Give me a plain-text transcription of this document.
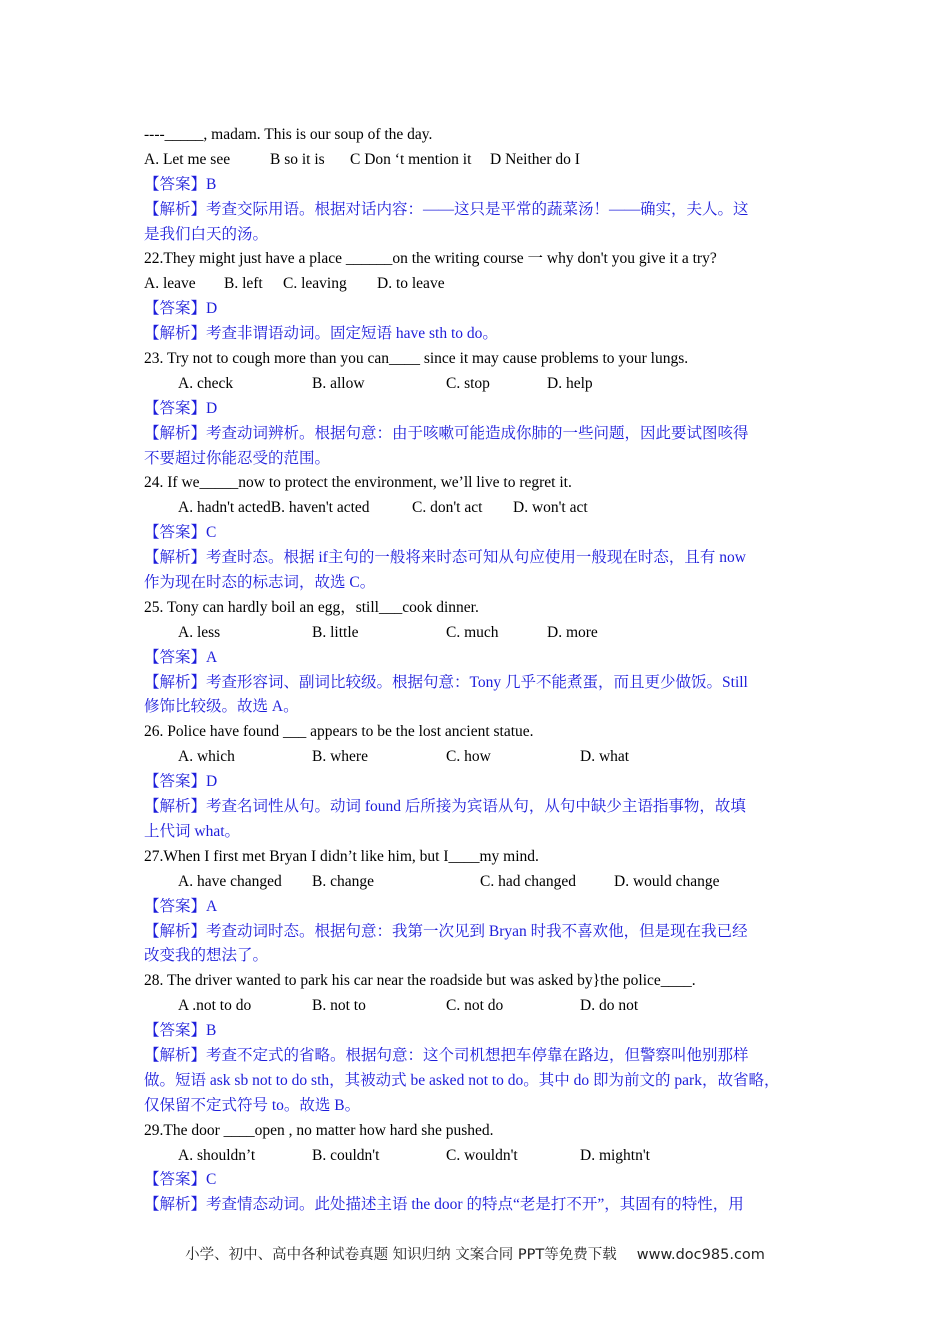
----_____, madam. This is our soup of the day.
A. Let me see	B so it is C Don ‘t mention it D Neither do I
【答案】B
【解析】考查交际用语。根据对话内容：——这只是平常的蔬菜汤！——确实，夫人。这
是我们白天的汤。
22.They might just have a place ______on the writing course 一 why don't you give it a try?
A. leave B. left C. leaving D. to leave
【答案】D
【解析】考查非谓语动词。固定短语 have sth to do。
23. Try not to cough more than you can____ since it may cause problems to your lungs.
A. check	B. allow	C. stop	D. help
【答案】D
【解析】考查动词辨析。根据句意：由于咳嗽可能造成你肺的一些问题，因此要试图咳得
不要超过你能忍受的范围。
24. If we_____now to protect the environment, we’ll live to regret it.
A. hadn't actedB. haven't acted	C. don't act D. won't act
【答案】C
【解析】考查时态。根据 if主句的一般将来时态可知从句应使用一般现在时态，且有 now
作为现在时态的标志词，故选 C。
25. Tony can hardly boil an egg，still___cook dinner.
A. less	B. little	C. much	D. more
【答案】A
【解析】考查形容词、副词比较级。根据句意：Tony 几乎不能煮蛋，而且更少做饭。Still
修饰比较级。故选 A。
26. Police have found ___ appears to be the lost ancient statue.
A. which	B. where	C. how	D. what
【答案】D
【解析】考查名词性从句。动词 found 后所接为宾语从句，从句中缺少主语指事物，故填
上代词 what。
27.When I first met Bryan I didn’t like him, but I____my mind.
A. have changed B. change	C. had changed D. would change
【答案】A
【解析】考查动词时态。根据句意：我第一次见到 Bryan 时我不喜欢他，但是现在我已经
改变我的想法了。
28. The driver wanted to park his car near the roadside but was asked by}the police____.
A .not to do	B. not to	C. not do	D. do not
【答案】B
【解析】考查不定式的省略。根据句意：这个司机想把车停靠在路边，但警察叫他别那样
做。短语 ask sb not to do sth，其被动式 be asked not to do。其中 do 即为前文的 park，故省略，
仅保留不定式符号 to。故选 B。
29.The door ____open , no matter how hard she pushed.
A. shouldn’t	B. couldn't	C. wouldn't	D. mightn't
【答案】C
【解析】考查情态动词。此处描述主语 the door 的特点“老是打不开”，其固有的特性，用
小学、初中、高中各种试卷真题 知识归纳 文案合同 PPT等免费下载 www.doc985.com
